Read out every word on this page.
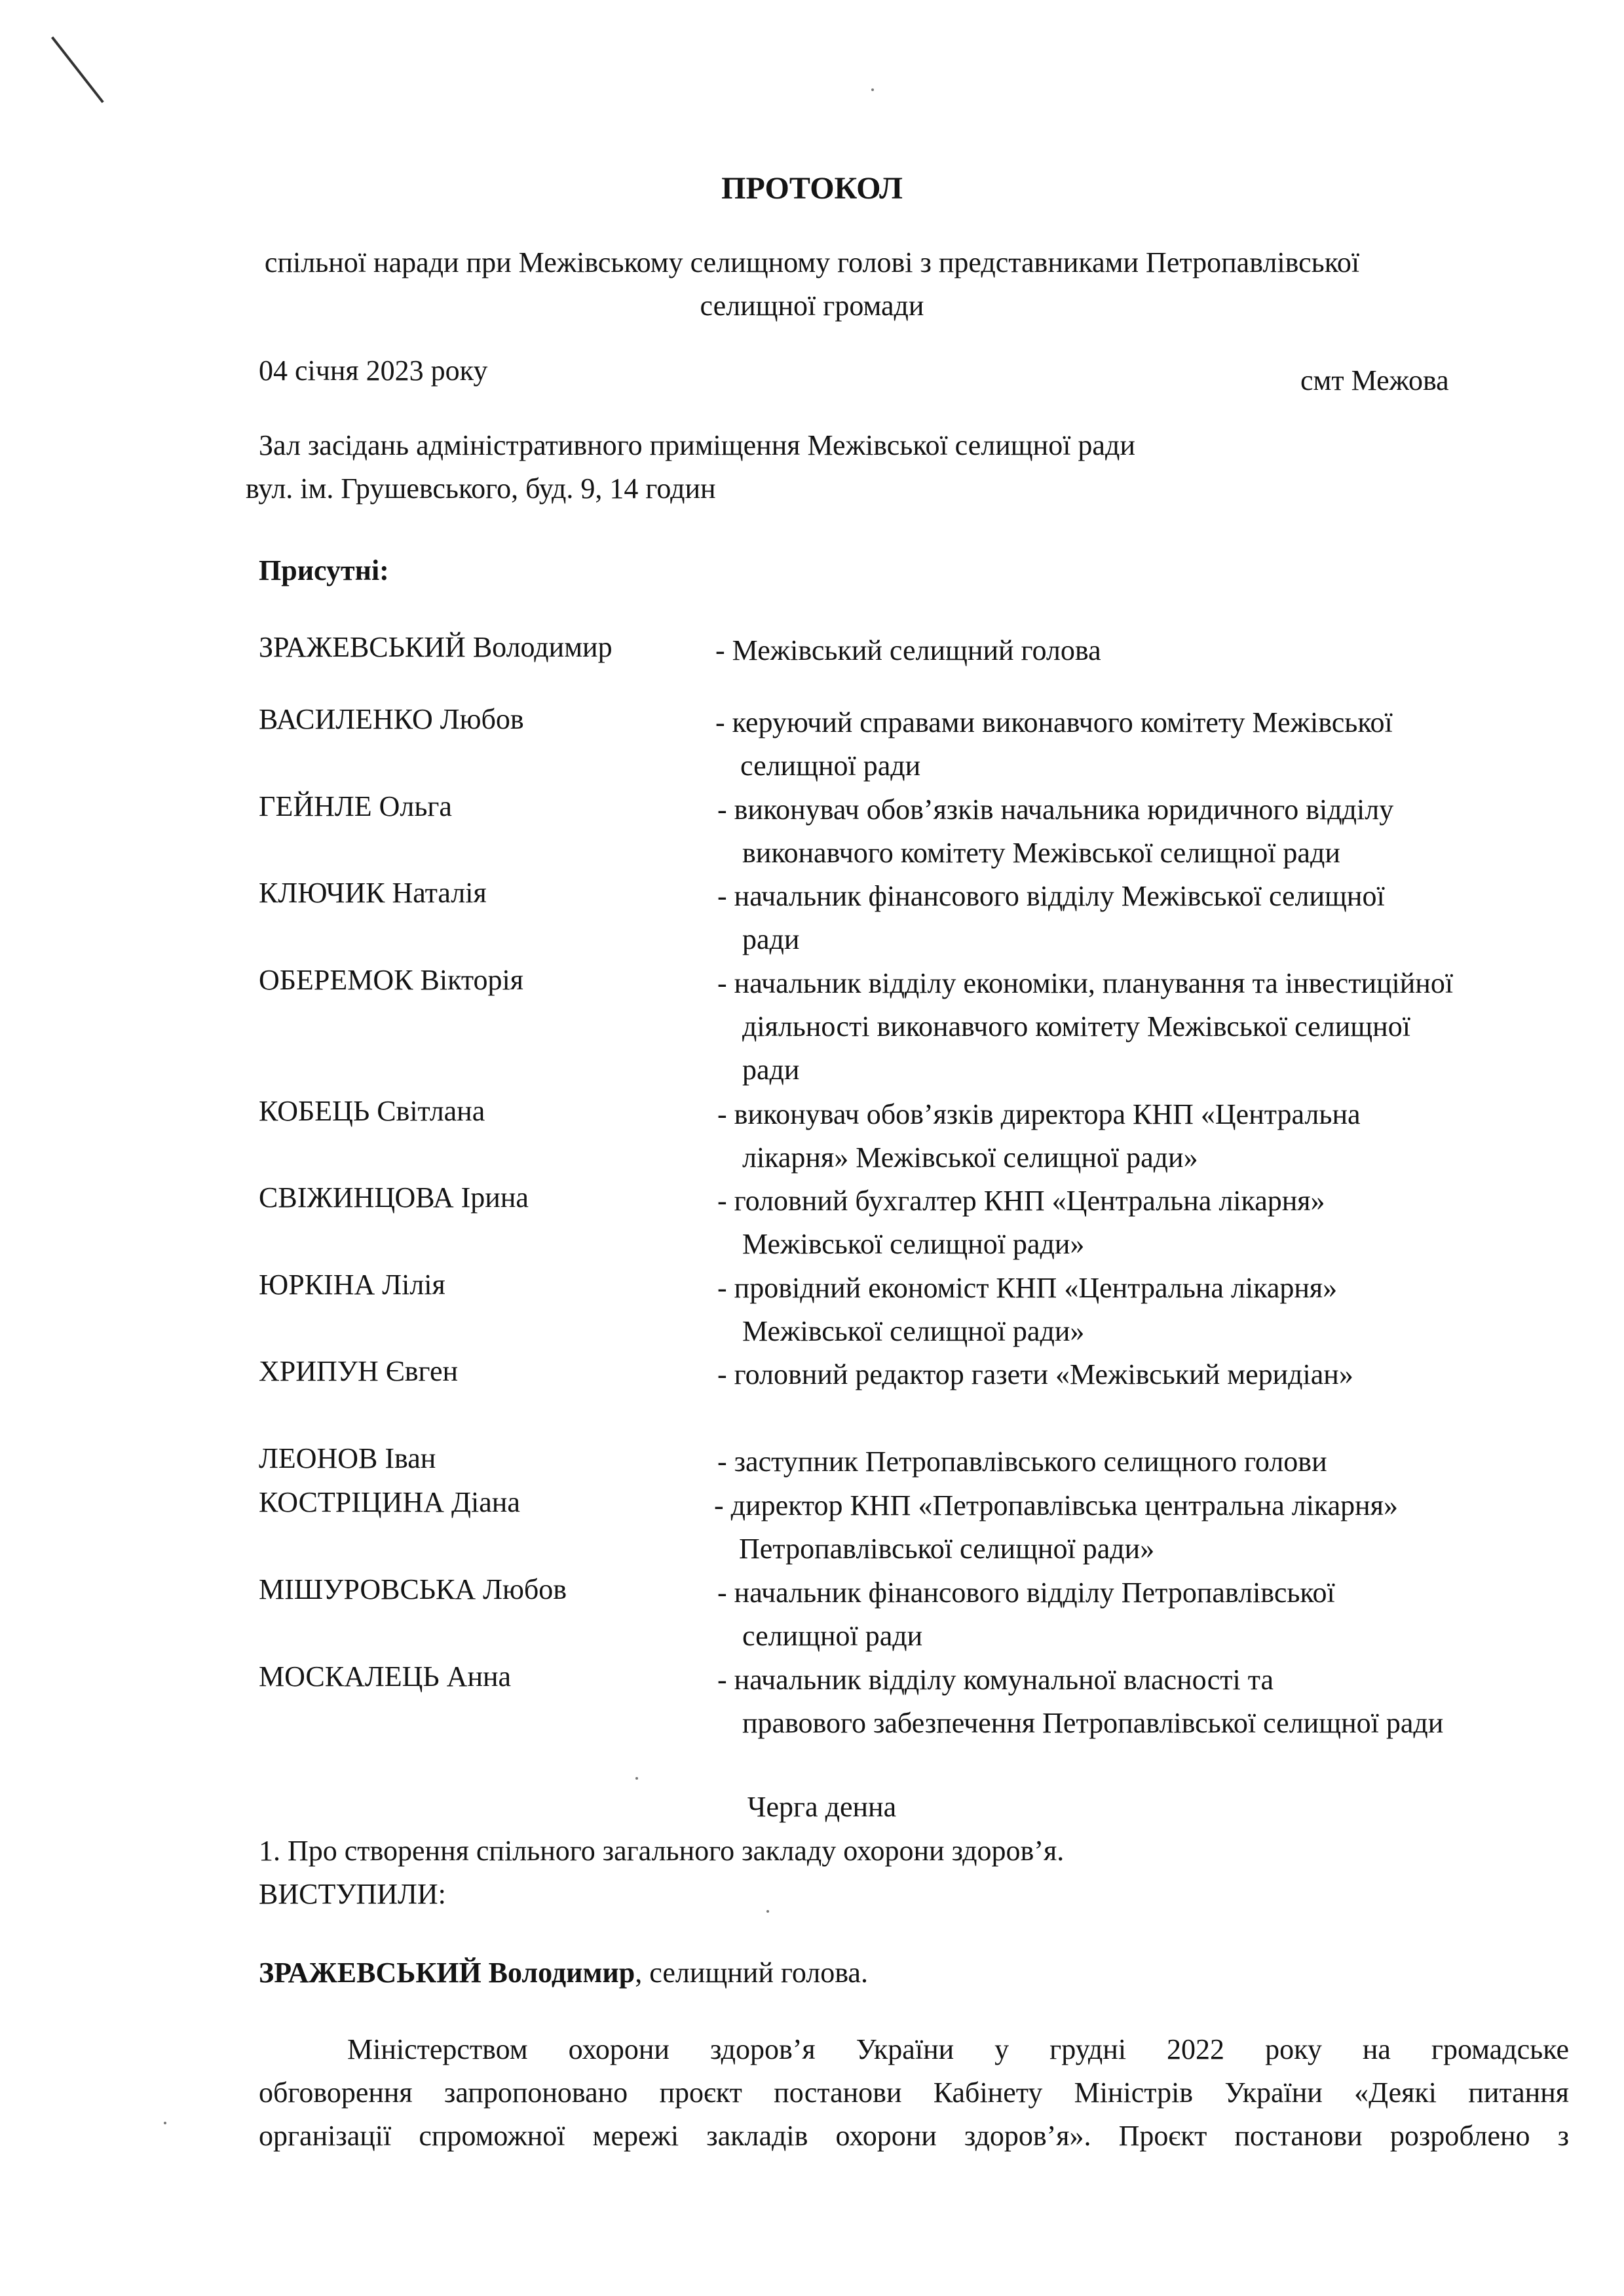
ПРОТОКОЛ
спільної наради при Межівському селищному голові з представниками Петропавлівської
селищної громади
04 січня 2023 року	смт Межова
Зал засідань адміністративного приміщення Межівської селищної ради
вул. ім. Грушевського, буд. 9, 14 годин
Присутні:
ЗРАЖЕВСЬКИЙ Володимир	- Межівський селищний голова
ВАСИЛЕНКО Любов	- керуючий справами виконавчого комітету Межівської
селищної ради
ГЕЙНЛЕ Ольга	- виконувач обов’язків начальника юридичного відділу
виконавчого комітету Межівської селищної ради
КЛЮЧИК Наталія	- начальник фінансового відділу Межівської селищної
ради
ОБЕРЕМОК Вікторія	- начальник відділу економіки, планування та інвестиційної
діяльності виконавчого комітету Межівської селищної
ради
КОБЕЦЬ Світлана	- виконувач обов’язків директора КНП «Центральна
лікарня» Межівської селищної ради»
СВІЖИНЦОВА Ірина	- головний бухгалтер КНП «Центральна лікарня»
Межівської селищної ради»
ЮРКІНА Лілія	- провідний економіст КНП «Центральна лікарня»
Межівської селищної ради»
ХРИПУН Євген	- головний редактор газети «Межівський меридіан»
ЛЕОНОВ Іван	- заступник Петропавлівського селищного голови
КОСТРІЦИНА Діана	- директор КНП «Петропавлівська центральна лікарня»
Петропавлівської селищної ради»
МІШУРОВСЬКА Любов	- начальник фінансового відділу Петропавлівської
селищної ради
МОСКАЛЕЦЬ Анна	- начальник відділу комунальної власності та
правового забезпечення Петропавлівської селищної ради
Черга денна
1. Про створення спільного загального закладу охорони здоров’я.
ВИСТУПИЛИ:
ЗРАЖЕВСЬКИЙ Володимир, селищний голова.
Міністерством охорони здоров’я України у грудні 2022 року на громадське
обговорення запропоновано проєкт постанови Кабінету Міністрів України «Деякі питання
організації спроможної мережі закладів охорони здоров’я». Проєкт постанови розроблено з
